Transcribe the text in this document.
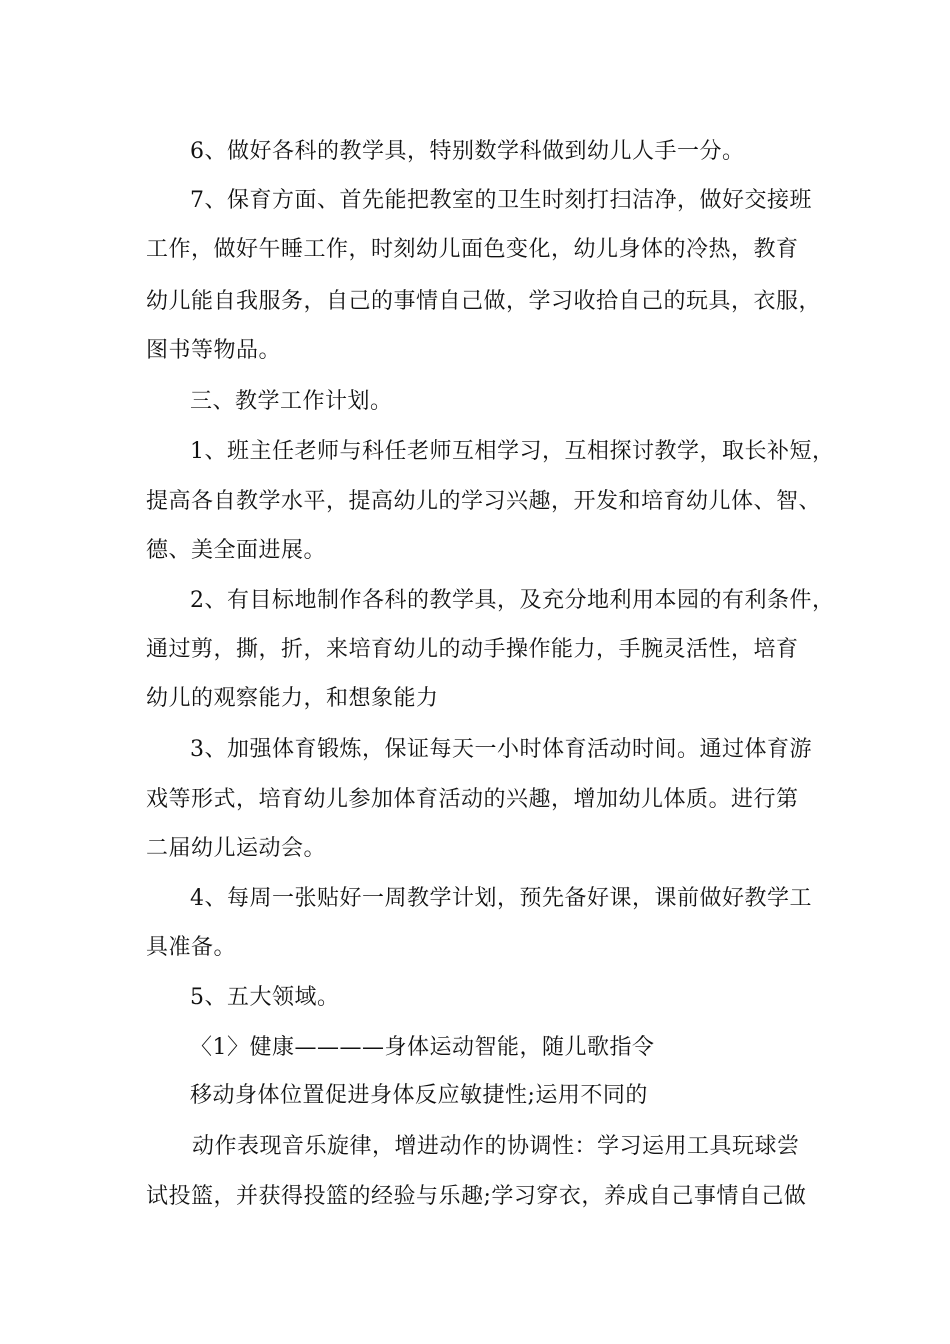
6、做好各科的教学具，特别数学科做到幼儿人手一分。
7、保育方面、首先能把教室的卫生时刻打扫洁净，做好交接班
工作，做好午睡工作，时刻幼儿面色变化，幼儿身体的冷热，教育
幼儿能自我服务，自己的事情自己做，学习收拾自己的玩具，衣服，
图书等物品。
三、教学工作计划。
1、班主任老师与科任老师互相学习，互相探讨教学，取长补短，
提高各自教学水平，提高幼儿的学习兴趣，开发和培育幼儿体、智、
德、美全面进展。
2、有目标地制作各科的教学具，及充分地利用本园的有利条件，
通过剪，撕，折，来培育幼儿的动手操作能力，手腕灵活性，培育
幼儿的观察能力，和想象能力
3、加强体育锻炼，保证每天一小时体育活动时间。通过体育游
戏等形式，培育幼儿参加体育活动的兴趣，增加幼儿体质。进行第
二届幼儿运动会。
4、每周一张贴好一周教学计划，预先备好课，课前做好教学工
具准备。
5、五大领域。
〈1〉健康————身体运动智能，随儿歌指令
移动身体位置促进身体反应敏捷性;运用不同的
动作表现音乐旋律，增进动作的协调性：学习运用工具玩球尝
试投篮，并获得投篮的经验与乐趣;学习穿衣，养成自己事情自己做
